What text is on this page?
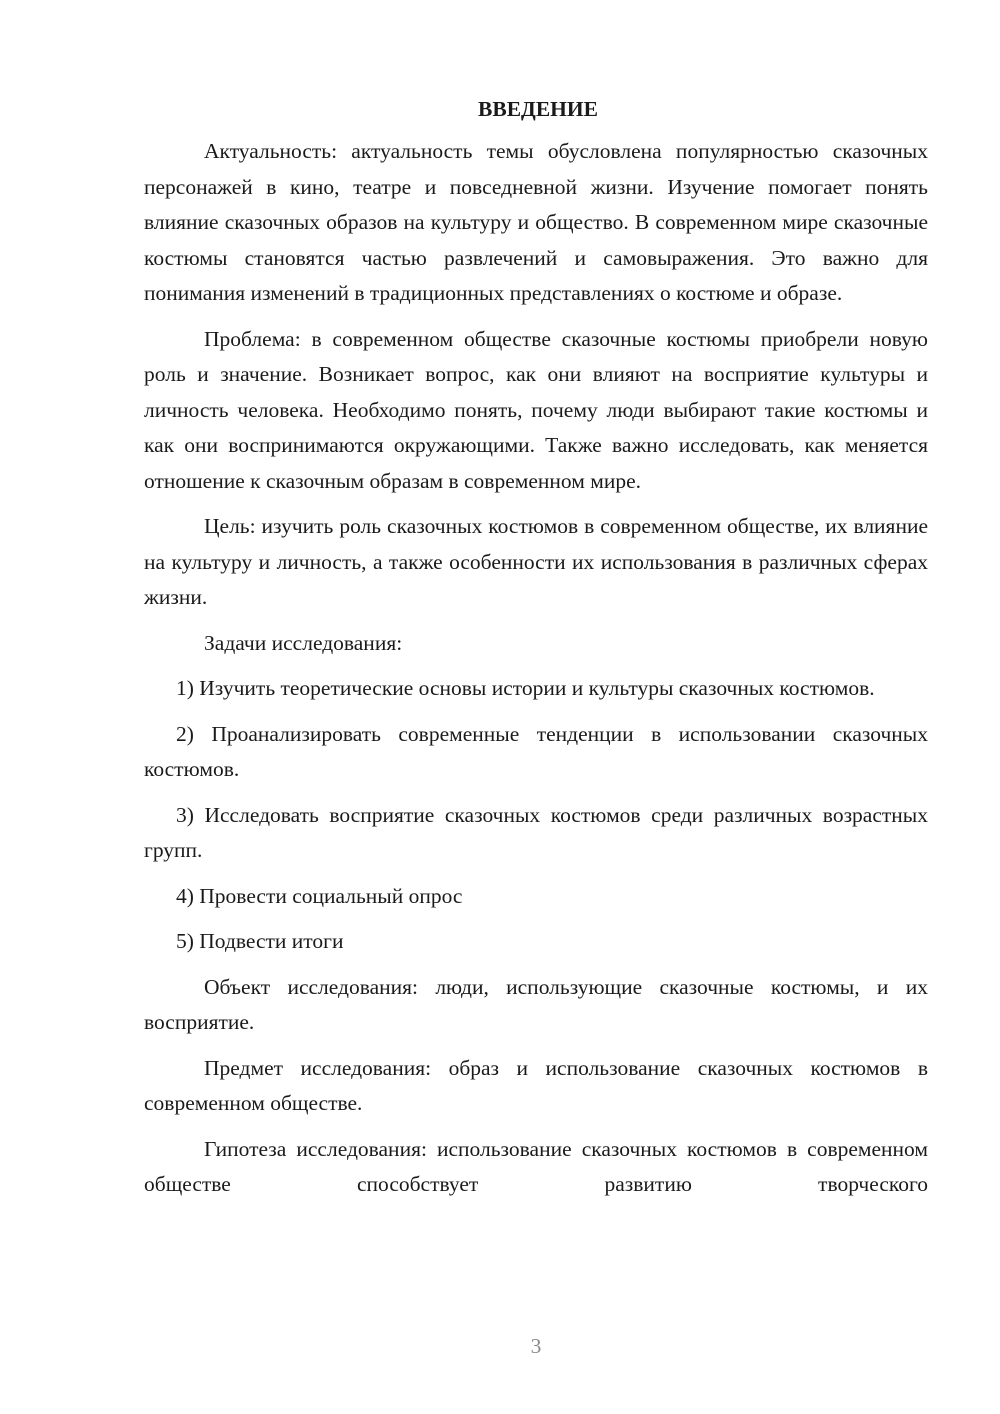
ВВЕДЕНИЕ

Актуальность: актуальность темы обусловлена популярностью сказочных персонажей в кино, театре и повседневной жизни. Изучение помогает понять влияние сказочных образов на культуру и общество. В современном мире сказочные костюмы становятся частью развлечений и самовыражения. Это важно для понимания изменений в традиционных представлениях о костюме и образе.

Проблема: в современном обществе сказочные костюмы приобрели новую роль и значение. Возникает вопрос, как они влияют на восприятие культуры и личность человека. Необходимо понять, почему люди выбирают такие костюмы и как они воспринимаются окружающими. Также важно исследовать, как меняется отношение к сказочным образам в современном мире.

Цель: изучить роль сказочных костюмов в современном обществе, их влияние на культуру и личность, а также особенности их использования в различных сферах жизни.

Задачи исследования:

1) Изучить теоретические основы истории и культуры сказочных костюмов.

2) Проанализировать современные тенденции в использовании сказочных костюмов.

3) Исследовать восприятие сказочных костюмов среди различных возрастных групп.

4) Провести социальный опрос

5) Подвести итоги

Объект исследования: люди, использующие сказочные костюмы, и их восприятие.

Предмет исследования: образ и использование сказочных костюмов в современном обществе.

Гипотеза исследования: использование сказочных костюмов в современном обществе способствует развитию творческого

3
